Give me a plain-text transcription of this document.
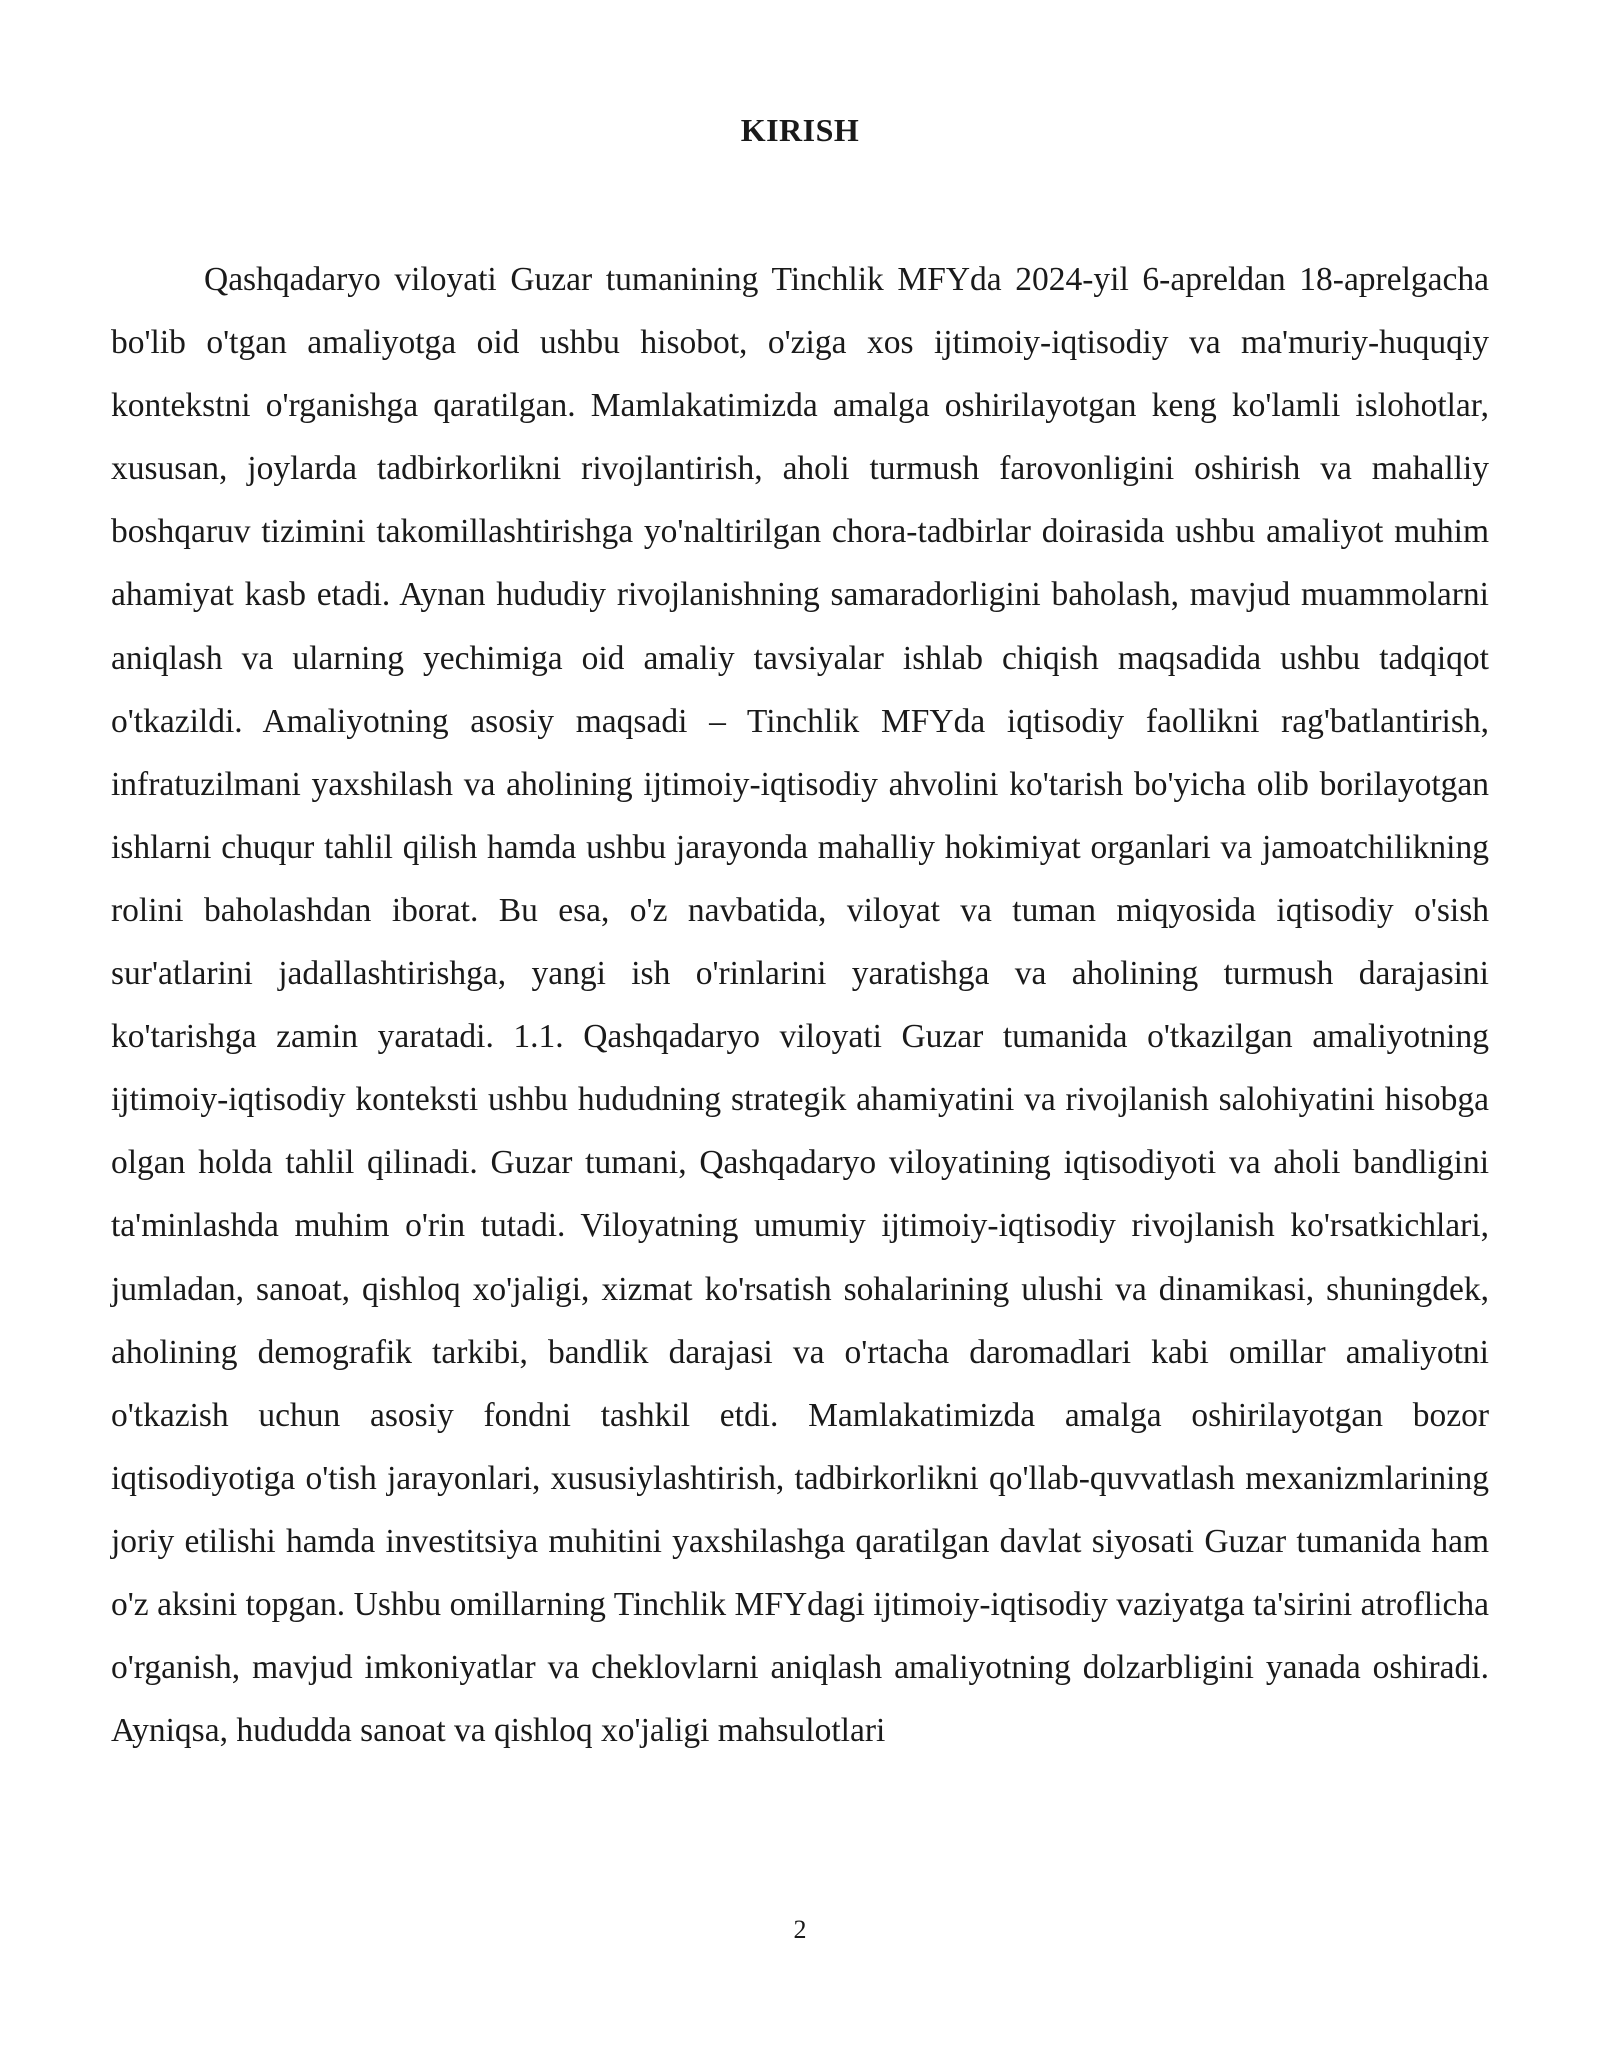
KIRISH

Qashqadaryo viloyati Guzar tumanining Tinchlik MFYda 2024-yil 6-apreldan 18-aprelgacha bo'lib o'tgan amaliyotga oid ushbu hisobot, o'ziga xos ijtimoiy-iqtisodiy va ma'muriy-huquqiy kontekstni o'rganishga qaratilgan. Mamlakatimizda amalga oshirilayotgan keng ko'lamli islohotlar, xususan, joylarda tadbirkorlikni rivojlantirish, aholi turmush farovonligini oshirish va mahalliy boshqaruv tizimini takomillashtirishga yo'naltirilgan chora-tadbirlar doirasida ushbu amaliyot muhim ahamiyat kasb etadi. Aynan hududiy rivojlanishning samaradorligini baholash, mavjud muammolarni aniqlash va ularning yechimiga oid amaliy tavsiyalar ishlab chiqish maqsadida ushbu tadqiqot o'tkazildi. Amaliyotning asosiy maqsadi – Tinchlik MFYda iqtisodiy faollikni rag'batlantirish, infratuzilmani yaxshilash va aholining ijtimoiy-iqtisodiy ahvolini ko'tarish bo'yicha olib borilayotgan ishlarni chuqur tahlil qilish hamda ushbu jarayonda mahalliy hokimiyat organlari va jamoatchilikning rolini baholashdan iborat. Bu esa, o'z navbatida, viloyat va tuman miqyosida iqtisodiy o'sish sur'atlarini jadallashtirishga, yangi ish o'rinlarini yaratishga va aholining turmush darajasini ko'tarishga zamin yaratadi. 1.1. Qashqadaryo viloyati Guzar tumanida o'tkazilgan amaliyotning ijtimoiy-iqtisodiy konteksti ushbu hududning strategik ahamiyatini va rivojlanish salohiyatini hisobga olgan holda tahlil qilinadi. Guzar tumani, Qashqadaryo viloyatining iqtisodiyoti va aholi bandligini ta'minlashda muhim o'rin tutadi. Viloyatning umumiy ijtimoiy-iqtisodiy rivojlanish ko'rsatkichlari, jumladan, sanoat, qishloq xo'jaligi, xizmat ko'rsatish sohalarining ulushi va dinamikasi, shuningdek, aholining demografik tarkibi, bandlik darajasi va o'rtacha daromadlari kabi omillar amaliyotni o'tkazish uchun asosiy fondni tashkil etdi. Mamlakatimizda amalga oshirilayotgan bozor iqtisodiyotiga o'tish jarayonlari, xususiylashtirish, tadbirkorlikni qo'llab-quvvatlash mexanizmlarining joriy etilishi hamda investitsiya muhitini yaxshilashga qaratilgan davlat siyosati Guzar tumanida ham o'z aksini topgan. Ushbu omillarning Tinchlik MFYdagi ijtimoiy-iqtisodiy vaziyatga ta'sirini atroflicha o'rganish, mavjud imkoniyatlar va cheklovlarni aniqlash amaliyotning dolzarbligini yanada oshiradi. Ayniqsa, hududda sanoat va qishloq xo'jaligi mahsulotlari

2
